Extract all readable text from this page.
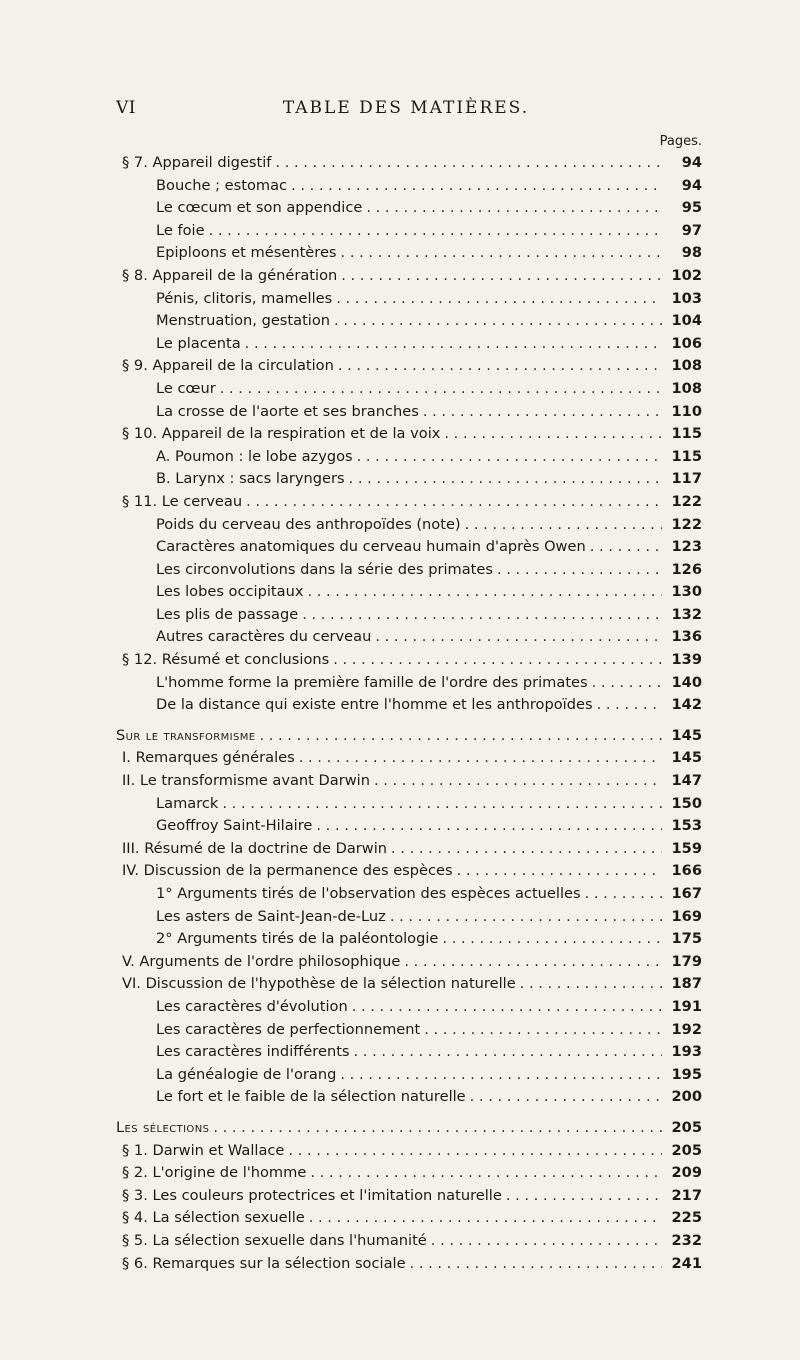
VI	TABLE DES MATIÈRES.
Pages.
§ 7. Appareil digestif . . .	94
Bouche ; estomac . . .	94
Le cœcum et son appendice . . .	95
Le foie . . .	97
Epiploons et mésentères . . .	98
§ 8. Appareil de la génération . . .	102
Pénis, clitoris, mamelles . . .	103
Menstruation, gestation . . .	104
Le placenta . . .	106
§ 9. Appareil de la circulation . . .	108
Le cœur . . .	108
La crosse de l'aorte et ses branches . . .	110
§ 10. Appareil de la respiration et de la voix . . .	115
A. Poumon : le lobe azygos . . .	115
B. Larynx : sacs laryngers . . .	117
§ 11. Le cerveau . . .	122
Poids du cerveau des anthropoïdes (note) . . .	122
Caractères anatomiques du cerveau humain d'après Owen . . .	123
Les circonvolutions dans la série des primates . . .	126
Les lobes occipitaux . . .	130
Les plis de passage . . .	132
Autres caractères du cerveau . . .	136
§ 12. Résumé et conclusions . . .	139
L'homme forme la première famille de l'ordre des primates . . .	140
De la distance qui existe entre l'homme et les anthropoïdes . . .	142
Sur le transformisme . . .	145
I. Remarques générales . . .	145
II. Le transformisme avant Darwin . . .	147
Lamarck . . .	150
Geoffroy Saint-Hilaire . . .	153
III. Résumé de la doctrine de Darwin . . .	159
IV. Discussion de la permanence des espèces . . .	166
1° Arguments tirés de l'observation des espèces actuelles . . .	167
Les asters de Saint-Jean-de-Luz . . .	169
2° Arguments tirés de la paléontologie . . .	175
V. Arguments de l'ordre philosophique . . .	179
VI. Discussion de l'hypothèse de la sélection naturelle . . .	187
Les caractères d'évolution . . .	191
Les caractères de perfectionnement . . .	192
Les caractères indifférents . . .	193
La généalogie de l'orang . . .	195
Le fort et le faible de la sélection naturelle . . .	200
Les sélections . . .	205
§ 1. Darwin et Wallace . . .	205
§ 2. L'origine de l'homme . . .	209
§ 3. Les couleurs protectrices et l'imitation naturelle . . .	217
§ 4. La sélection sexuelle . . .	225
§ 5. La sélection sexuelle dans l'humanité . . .	232
§ 6. Remarques sur la sélection sociale . . .	241
